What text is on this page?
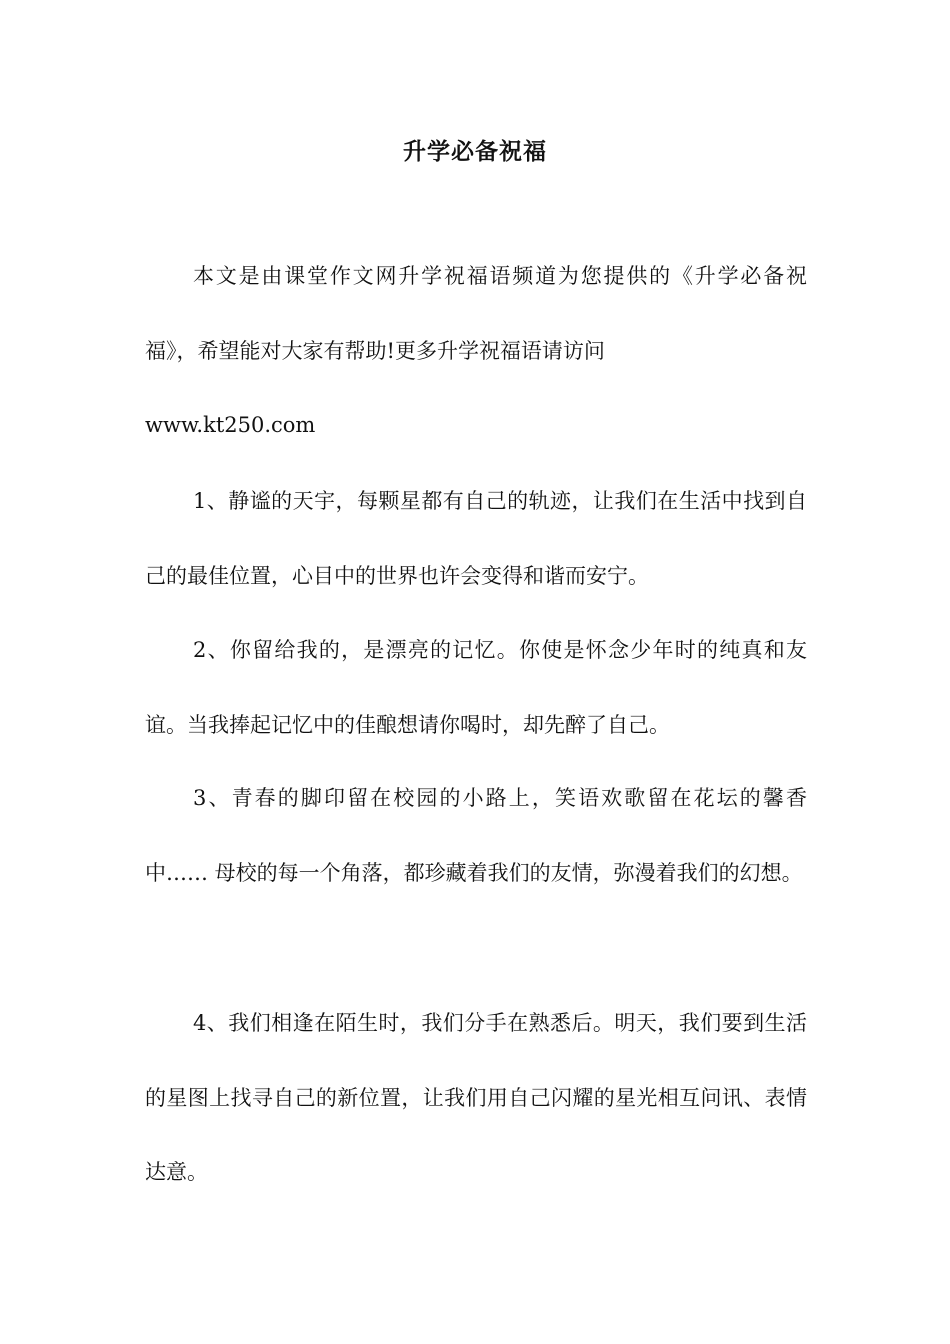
升学必备祝福

本文是由课堂作文网升学祝福语频道为您提供的《升学必备祝福》，希望能对大家有帮助!更多升学祝福语请访问
www.kt250.com

1、静谧的天宇，每颗星都有自己的轨迹，让我们在生活中找到自己的最佳位置，心目中的世界也许会变得和谐而安宁。

2、你留给我的，是漂亮的记忆。你使是怀念少年时的纯真和友谊。当我捧起记忆中的佳酿想请你喝时，却先醉了自己。

3、青春的脚印留在校园的小路上，笑语欢歌留在花坛的馨香中…… 母校的每一个角落，都珍藏着我们的友情，弥漫着我们的幻想。

4、我们相逢在陌生时，我们分手在熟悉后。明天，我们要到生活的星图上找寻自己的新位置，让我们用自己闪耀的星光相互问讯、表情达意。
